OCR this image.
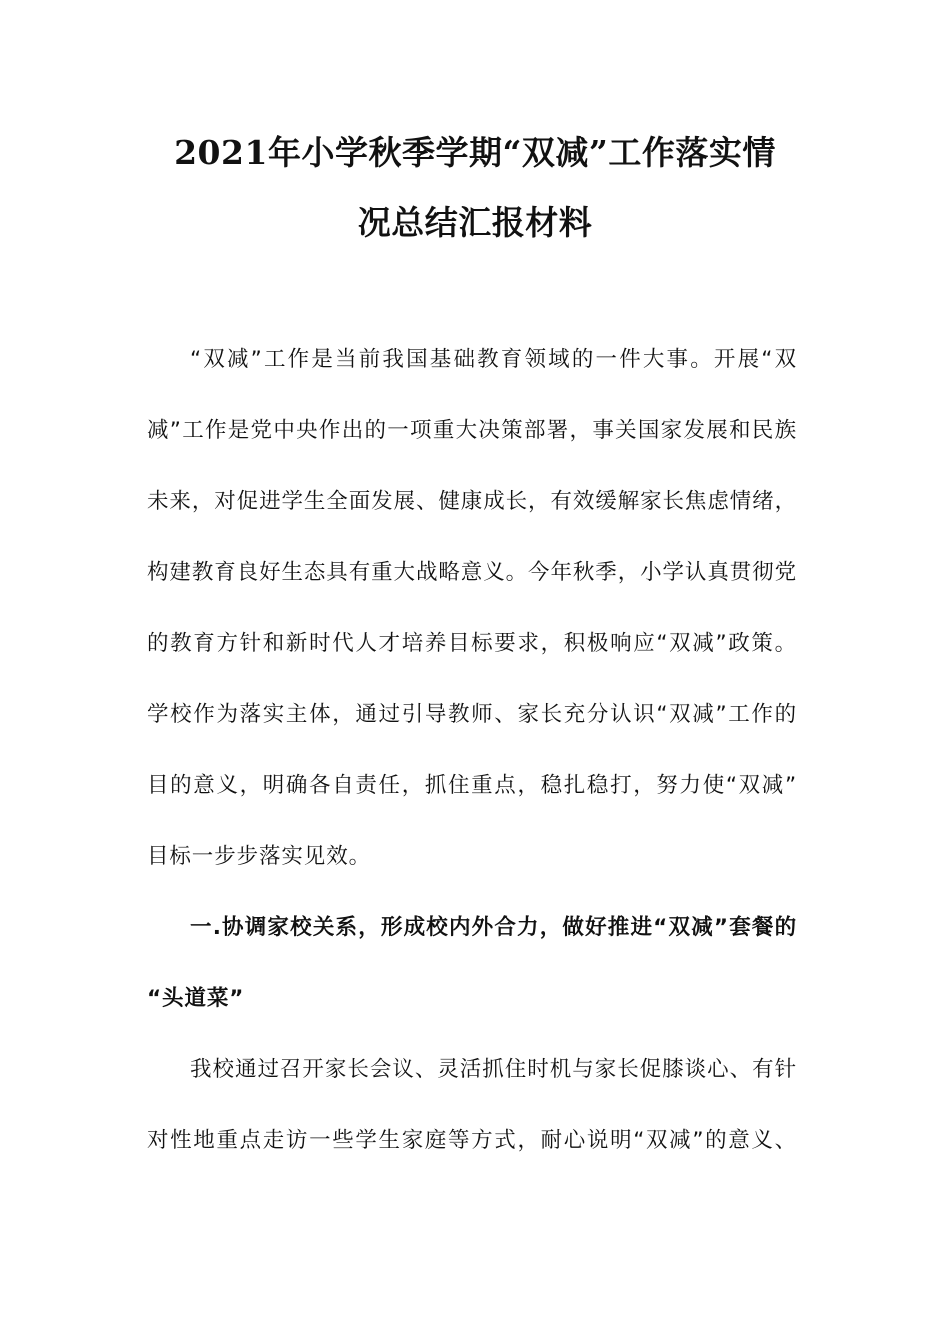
2021年小学秋季学期“双减”工作落实情
况总结汇报材料
“双减”工作是当前我国基础教育领域的一件大事。开展“双
减”工作是党中央作出的一项重大决策部署，事关国家发展和民族
未来，对促进学生全面发展、健康成长，有效缓解家长焦虑情绪，
构建教育良好生态具有重大战略意义。今年秋季，小学认真贯彻党
的教育方针和新时代人才培养目标要求，积极响应“双减”政策。
学校作为落实主体，通过引导教师、家长充分认识“双减”工作的
目的意义，明确各自责任，抓住重点，稳扎稳打，努力使“双减”
目标一步步落实见效。
一.协调家校关系，形成校内外合力，做好推进“双减”套餐的
“头道菜”
我校通过召开家长会议、灵活抓住时机与家长促膝谈心、有针
对性地重点走访一些学生家庭等方式，耐心说明“双减”的意义、
